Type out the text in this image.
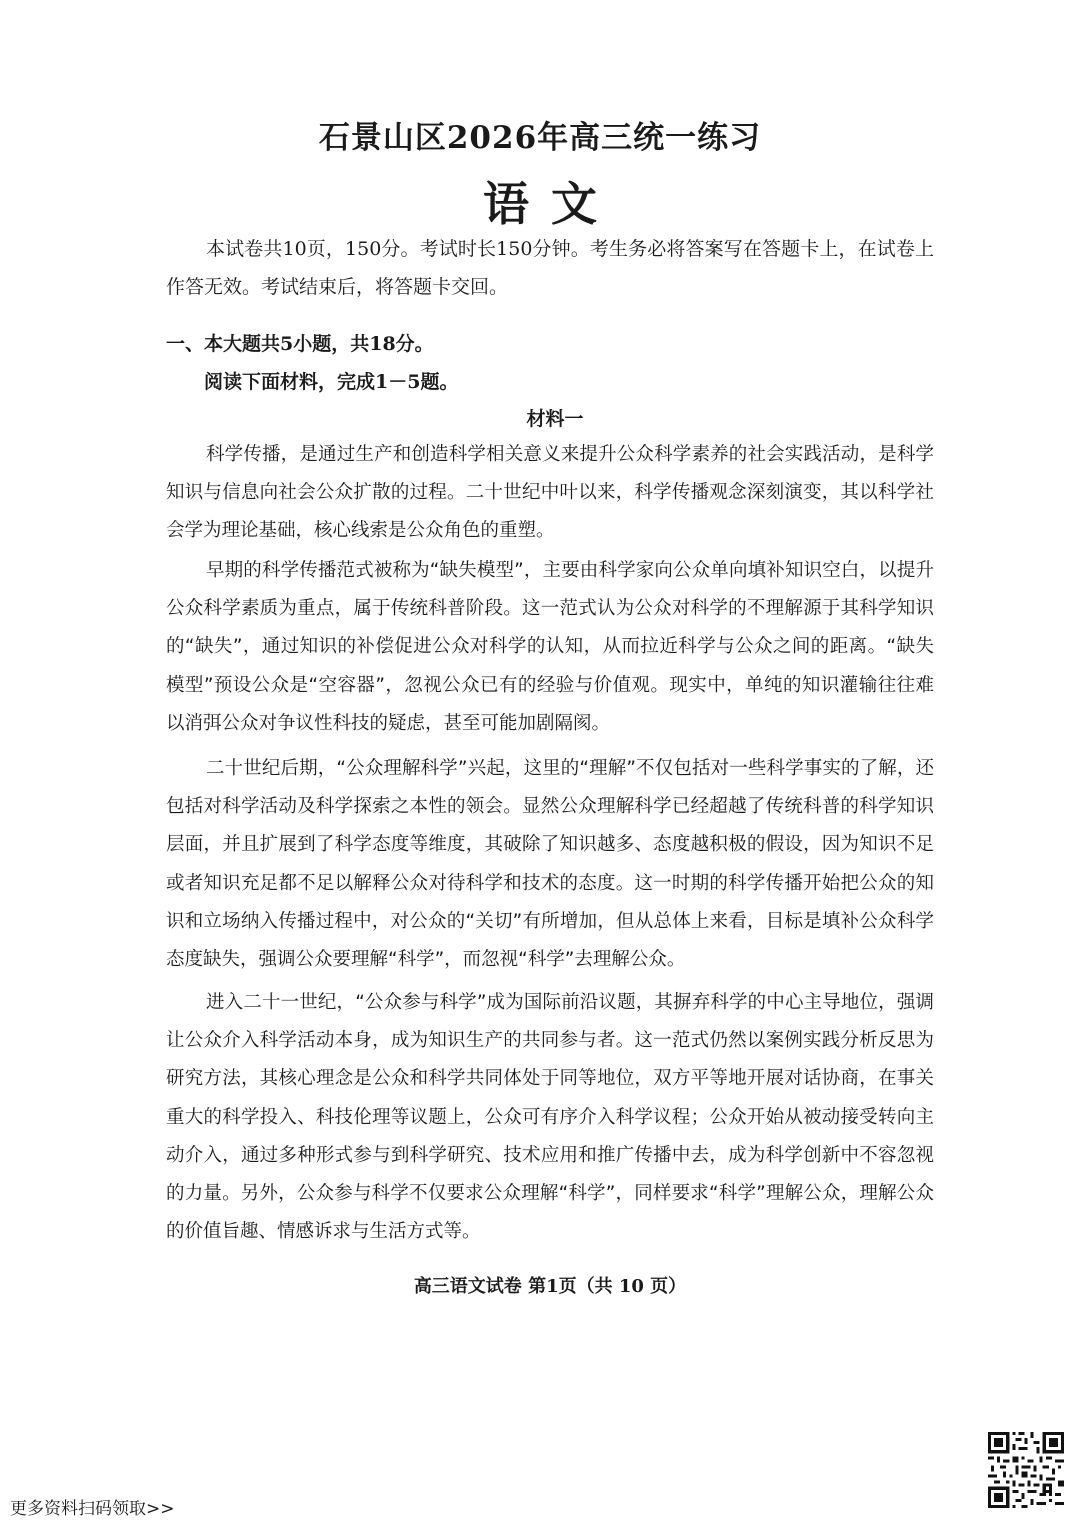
石景山区2026年高三统一练习
语文

本试卷共10页，150分。考试时长150分钟。考生务必将答案写在答题卡上，在试卷上作答无效。考试结束后，将答题卡交回。

一、本大题共5小题，共18分。

阅读下面材料，完成1－5题。

材料一

科学传播，是通过生产和创造科学相关意义来提升公众科学素养的社会实践活动，是科学知识与信息向社会公众扩散的过程。二十世纪中叶以来，科学传播观念深刻演变，其以科学社会学为理论基础，核心线索是公众角色的重塑。

早期的科学传播范式被称为“缺失模型”，主要由科学家向公众单向填补知识空白，以提升公众科学素质为重点，属于传统科普阶段。这一范式认为公众对科学的不理解源于其科学知识的“缺失”，通过知识的补偿促进公众对科学的认知，从而拉近科学与公众之间的距离。“缺失模型”预设公众是“空容器”，忽视公众已有的经验与价值观。现实中，单纯的知识灌输往往难以消弭公众对争议性科技的疑虑，甚至可能加剧隔阂。

二十世纪后期，“公众理解科学”兴起，这里的“理解”不仅包括对一些科学事实的了解，还包括对科学活动及科学探索之本性的领会。显然公众理解科学已经超越了传统科普的科学知识层面，并且扩展到了科学态度等维度，其破除了知识越多、态度越积极的假设，因为知识不足或者知识充足都不足以解释公众对待科学和技术的态度。这一时期的科学传播开始把公众的知识和立场纳入传播过程中，对公众的“关切”有所增加，但从总体上来看，目标是填补公众科学态度缺失，强调公众要理解“科学”，而忽视“科学”去理解公众。

进入二十一世纪，“公众参与科学”成为国际前沿议题，其摒弃科学的中心主导地位，强调让公众介入科学活动本身，成为知识生产的共同参与者。这一范式仍然以案例实践分析反思为研究方法，其核心理念是公众和科学共同体处于同等地位，双方平等地开展对话协商，在事关重大的科学投入、科技伦理等议题上，公众可有序介入科学议程；公众开始从被动接受转向主动介入，通过多种形式参与到科学研究、技术应用和推广传播中去，成为科学创新中不容忽视的力量。另外，公众参与科学不仅要求公众理解“科学”，同样要求“科学”理解公众，理解公众的价值旨趣、情感诉求与生活方式等。

高三语文试卷 第1页（共 10 页）

更多资料扫码领取>>
